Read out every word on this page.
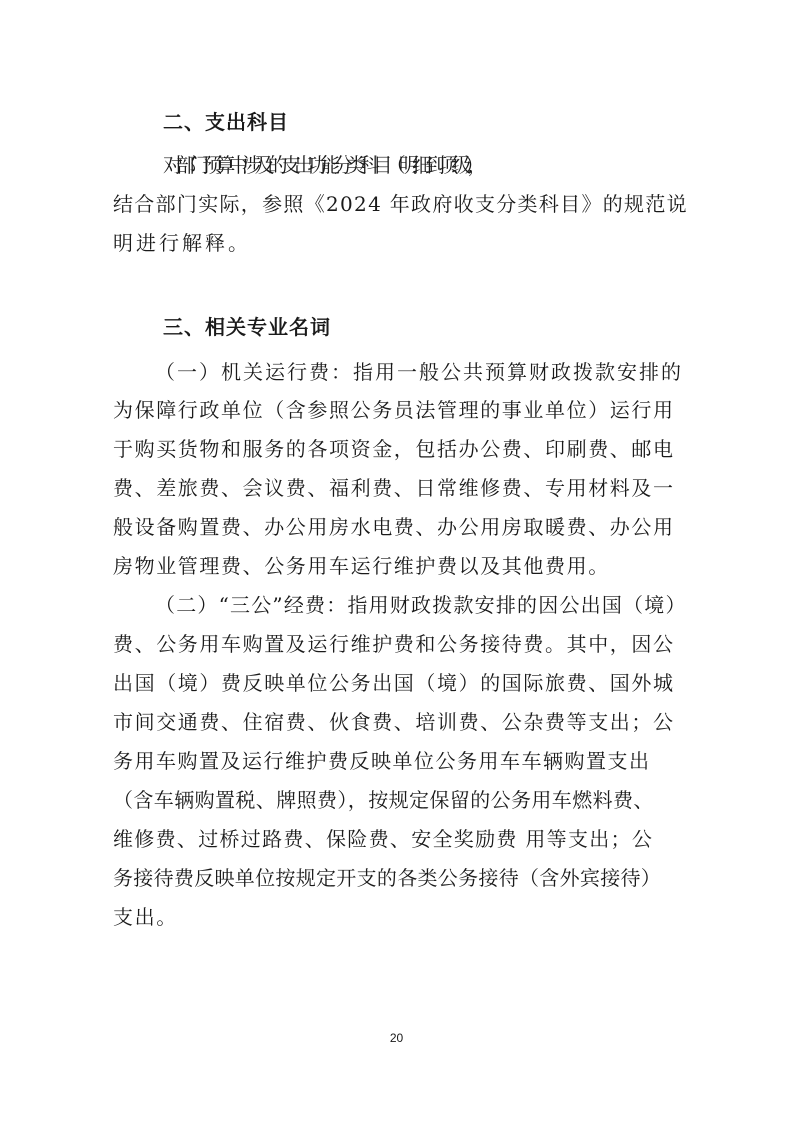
二、支出科目
对部门预算中涉及的支出功能分类科目（明细到项级），
结合部门实际，参照《2024 年政府收支分类科目》的规范说
明进行解释。
三、相关专业名词
（一）机关运行费：指用一般公共预算财政拨款安排的
为保障行政单位（含参照公务员法管理的事业单位）运行用
于购买货物和服务的各项资金，包括办公费、印刷费、邮电
费、差旅费、会议费、福利费、日常维修费、专用材料及一
般设备购置费、办公用房水电费、办公用房取暖费、办公用
房物业管理费、公务用车运行维护费以及其他费用。
（二）“三公”经费：指用财政拨款安排的因公出国（境）
费、公务用车购置及运行维护费和公务接待费。其中，因公
出国（境）费反映单位公务出国（境）的国际旅费、国外城
市间交通费、住宿费、伙食费、培训费、公杂费等支出；公
务用车购置及运行维护费反映单位公务用车车辆购置支出
（含车辆购置税、牌照费），按规定保留的公务用车燃料费、
维修费、过桥过路费、保险费、安全奖励费 用等支出；公
务接待费反映单位按规定开支的各类公务接待（含外宾接待）
支出。
20
